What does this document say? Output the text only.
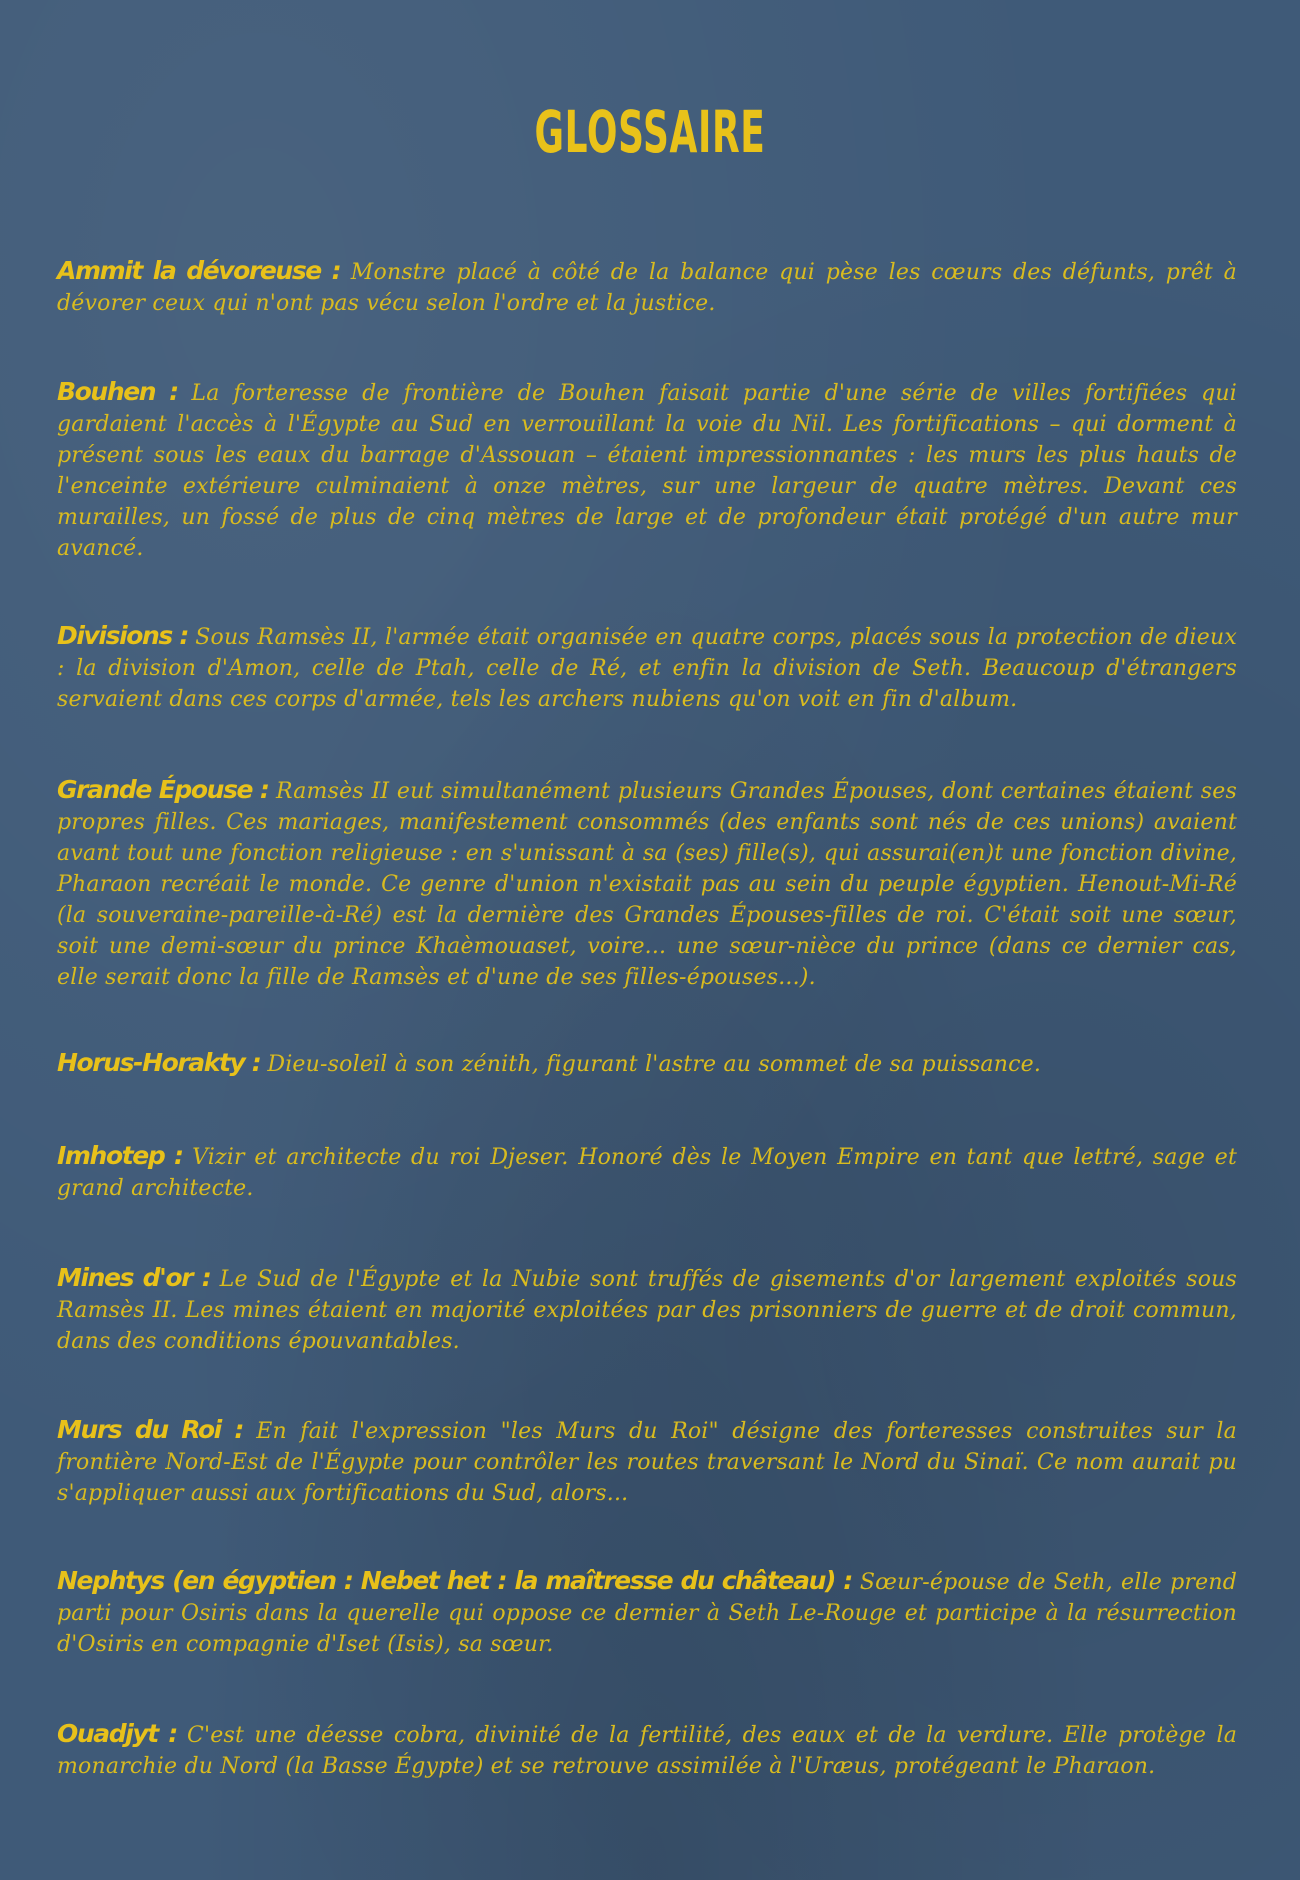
GLOSSAIRE
Ammit la dévoreuse : Monstre placé à côté de la balance qui pèse les cœurs des défunts, prêt à dévorer ceux qui n'ont pas vécu selon l'ordre et la justice.
Bouhen : La forteresse de frontière de Bouhen faisait partie d'une série de villes fortifiées qui gardaient l'accès à l'Égypte au Sud en verrouillant la voie du Nil. Les fortifications – qui dorment à présent sous les eaux du barrage d'Assouan – étaient impressionnantes : les murs les plus hauts de l'enceinte extérieure culminaient à onze mètres, sur une largeur de quatre mètres. Devant ces murailles, un fossé de plus de cinq mètres de large et de profondeur était protégé d'un autre mur avancé.
Divisions : Sous Ramsès II, l'armée était organisée en quatre corps, placés sous la protection de dieux : la division d'Amon, celle de Ptah, celle de Ré, et enfin la division de Seth. Beaucoup d'étrangers servaient dans ces corps d'armée, tels les archers nubiens qu'on voit en fin d'album.
Grande Épouse : Ramsès II eut simultanément plusieurs Grandes Épouses, dont certaines étaient ses propres filles. Ces mariages, manifestement consommés (des enfants sont nés de ces unions) avaient avant tout une fonction religieuse : en s'unissant à sa (ses) fille(s), qui assurai(en)t une fonction divine, Pharaon recréait le monde. Ce genre d'union n'existait pas au sein du peuple égyptien. Henout-Mi-Ré (la souveraine-pareille-à-Ré) est la dernière des Grandes Épouses-filles de roi. C'était soit une sœur, soit une demi-sœur du prince Khaèmouaset, voire... une sœur-nièce du prince (dans ce dernier cas, elle serait donc la fille de Ramsès et d'une de ses filles-épouses...).
Horus-Horakty : Dieu-soleil à son zénith, figurant l'astre au sommet de sa puissance.
Imhotep : Vizir et architecte du roi Djeser. Honoré dès le Moyen Empire en tant que lettré, sage et grand architecte.
Mines d'or : Le Sud de l'Égypte et la Nubie sont truffés de gisements d'or largement exploités sous Ramsès II. Les mines étaient en majorité exploitées par des prisonniers de guerre et de droit commun, dans des conditions épouvantables.
Murs du Roi : En fait l'expression "les Murs du Roi" désigne des forteresses construites sur la frontière Nord-Est de l'Égypte pour contrôler les routes traversant le Nord du Sinaï. Ce nom aurait pu s'appliquer aussi aux fortifications du Sud, alors...
Nephtys (en égyptien : Nebet het : la maîtresse du château) : Sœur-épouse de Seth, elle prend parti pour Osiris dans la querelle qui oppose ce dernier à Seth Le-Rouge et participe à la résurrection d'Osiris en compagnie d'Iset (Isis), sa sœur.
Ouadjyt : C'est une déesse cobra, divinité de la fertilité, des eaux et de la verdure. Elle protège la monarchie du Nord (la Basse Égypte) et se retrouve assimilée à l'Uræus, protégeant le Pharaon.
